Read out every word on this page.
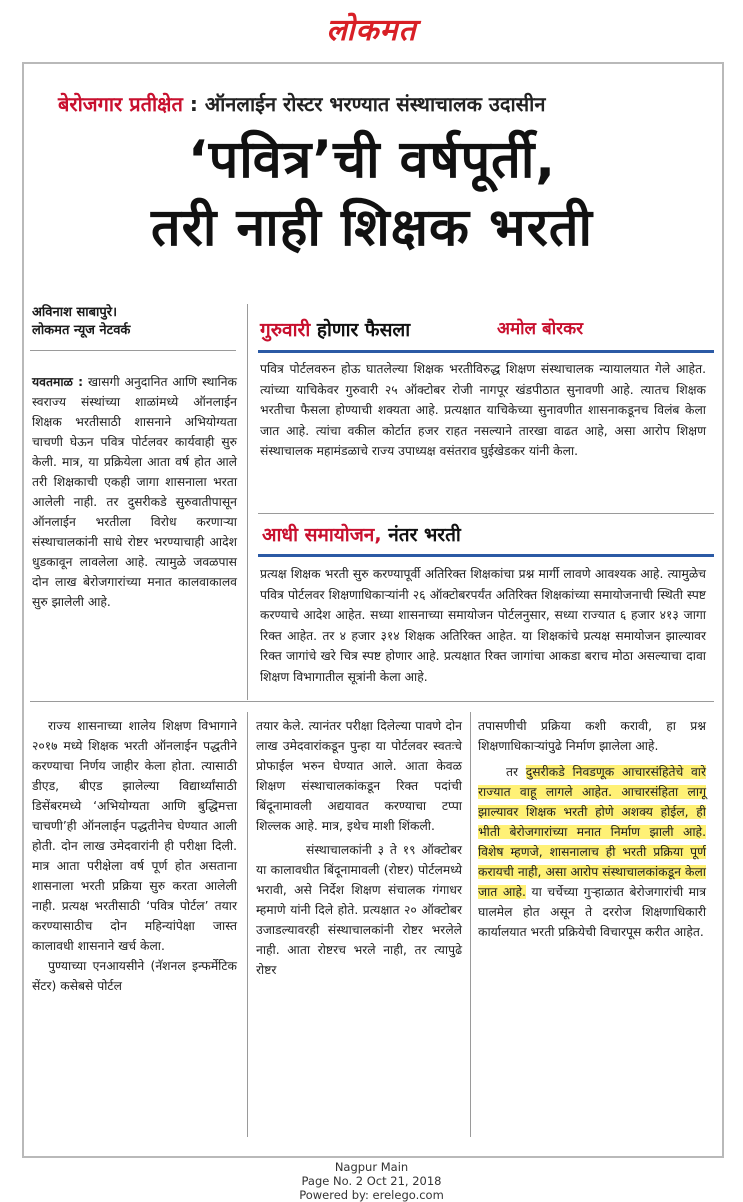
लोकमत
बेरोजगार प्रतीक्षेत : ऑनलाईन रोस्टर भरण्यात संस्थाचालक उदासीन
‘पवित्र’ची वर्षपूर्ती,
तरी नाही शिक्षक भरती
अविनाश साबापुरे।
लोकमत न्यूज नेटवर्क	गुरुवारी होणार फैसला	अमोल बोरकर
पवित्र पोर्टलवरुन होऊ घातलेल्या शिक्षक भरतीविरुद्ध शिक्षण संस्थाचालक न्यायालयात गेले आहेत. त्यांच्या याचिकेवर गुरुवारी २५ ऑक्टोबर रोजी नागपूर खंडपीठात सुनावणी आहे. त्यातच शिक्षक भरतीचा फैसला होण्याची शक्यता आहे. प्रत्यक्षात याचिकेच्या सुनावणीत शासनाकडूनच विलंब केला जात आहे. त्यांचा वकील कोर्टात हजर राहत नसल्याने तारखा वाढत आहे, असा आरोप शिक्षण संस्थाचालक महामंडळाचे राज्य उपाध्यक्ष वसंतराव घुईखेडकर यांनी केला.
आधी समायोजन, नंतर भरती
प्रत्यक्ष शिक्षक भरती सुरु करण्यापूर्वी अतिरिक्त शिक्षकांचा प्रश्न मार्गी लावणे आवश्यक आहे. त्यामुळेच पवित्र पोर्टलवर शिक्षणाधिकाऱ्यांनी २६ ऑक्टोबरपर्यंत अतिरिक्त शिक्षकांच्या समायोजनाची स्थिती स्पष्ट करण्याचे आदेश आहेत. सध्या शासनाच्या समायोजन पोर्टलनुसार, सध्या राज्यात ६ हजार ४१३ जागा रिक्त आहेत. तर ४ हजार ३१४ शिक्षक अतिरिक्त आहेत. या शिक्षकांचे प्रत्यक्ष समायोजन झाल्यावर रिक्त जागांचे खरे चित्र स्पष्ट होणार आहे. प्रत्यक्षात रिक्त जागांचा आकडा बराच मोठा असल्याचा दावा शिक्षण विभागातील सूत्रांनी केला आहे.

यवतमाळ : खासगी अनुदानित आणि स्थानिक स्वराज्य संस्थांच्या शाळांमध्ये ऑनलाईन शिक्षक भरतीसाठी शासनाने अभियोग्यता चाचणी घेऊन पवित्र पोर्टलवर कार्यवाही सुरु केली. मात्र, या प्रक्रियेला आता वर्ष होत आले तरी शिक्षकाची एकही जागा शासनाला भरता आलेली नाही. तर दुसरीकडे सुरुवातीपासून ऑनलाईन भरतीला विरोध करणाऱ्या संस्थाचालकांनी साधे रोष्टर भरण्याचाही आदेश धुडकावून लावलेला आहे. त्यामुळे जवळपास दोन लाख बेरोजगारांच्या मनात कालवाकालव सुरु झालेली आहे.

राज्य शासनाच्या शालेय शिक्षण विभागाने २०१७ मध्ये शिक्षक भरती ऑनलाईन पद्धतीने करण्याचा निर्णय जाहीर केला होता. त्यासाठी डीएड, बीएड झालेल्या विद्यार्थ्यांसाठी डिसेंबरमध्ये ‘अभियोग्यता आणि बुद्धिमत्ता चाचणी’ही ऑनलाईन पद्धतीनेच घेण्यात आली होती. दोन लाख उमेदवारांनी ही परीक्षा दिली. मात्र आता परीक्षेला वर्ष पूर्ण होत असताना शासनाला भरती प्रक्रिया सुरु करता आलेली नाही. प्रत्यक्ष भरतीसाठी ‘पवित्र पोर्टल’ तयार करण्यासाठीच दोन महिन्यांपेक्षा जास्त कालावधी शासनाने खर्च केला.

पुण्याच्या एनआयसीने (नॅशनल इन्फर्मेटिक सेंटर) कसेबसे पोर्टल

तयार केले. त्यानंतर परीक्षा दिलेल्या पावणे दोन लाख उमेदवारांकडून पुन्हा या पोर्टलवर स्वतःचे प्रोफाईल भरुन घेण्यात आले. आता केवळ शिक्षण संस्थाचालकांकडून रिक्त पदांची बिंदूनामावली अद्ययावत करण्याचा टप्पा शिल्लक आहे. मात्र, इथेच माशी शिंकली.

संस्थाचालकांनी ३ ते १९ ऑक्टोबर या कालावधीत बिंदूनामावली (रोष्टर) पोर्टलमध्ये भरावी, असे निर्देश शिक्षण संचालक गंगाधर म्हमाणे यांनी दिले होते. प्रत्यक्षात २० ऑक्टोबर उजाडल्यावरही संस्थाचालकांनी रोष्टर भरलेले नाही. आता रोष्टरच भरले नाही, तर त्यापुढे रोष्टर

तपासणीची प्रक्रिया कशी करावी, हा प्रश्न शिक्षणाधिकाऱ्यांपुढे निर्माण झालेला आहे.

तर दुसरीकडे निवडणूक आचारसंहितेचे वारे राज्यात वाहू लागले आहेत. आचारसंहिता लागू झाल्यावर शिक्षक भरती होणे अशक्य होईल, ही भीती बेरोजगारांच्या मनात निर्माण झाली आहे. विशेष म्हणजे, शासनालाच ही भरती प्रक्रिया पूर्ण करायची नाही, असा आरोप संस्थाचालकांकडून केला जात आहे. या चर्चेच्या गुऱ्हाळात बेरोजगारांची मात्र घालमेल होत असून ते दररोज शिक्षणाधिकारी कार्यालयात भरती प्रक्रियेची विचारपूस करीत आहेत.

Nagpur Main
Page No. 2 Oct 21, 2018
Powered by: erelego.com
